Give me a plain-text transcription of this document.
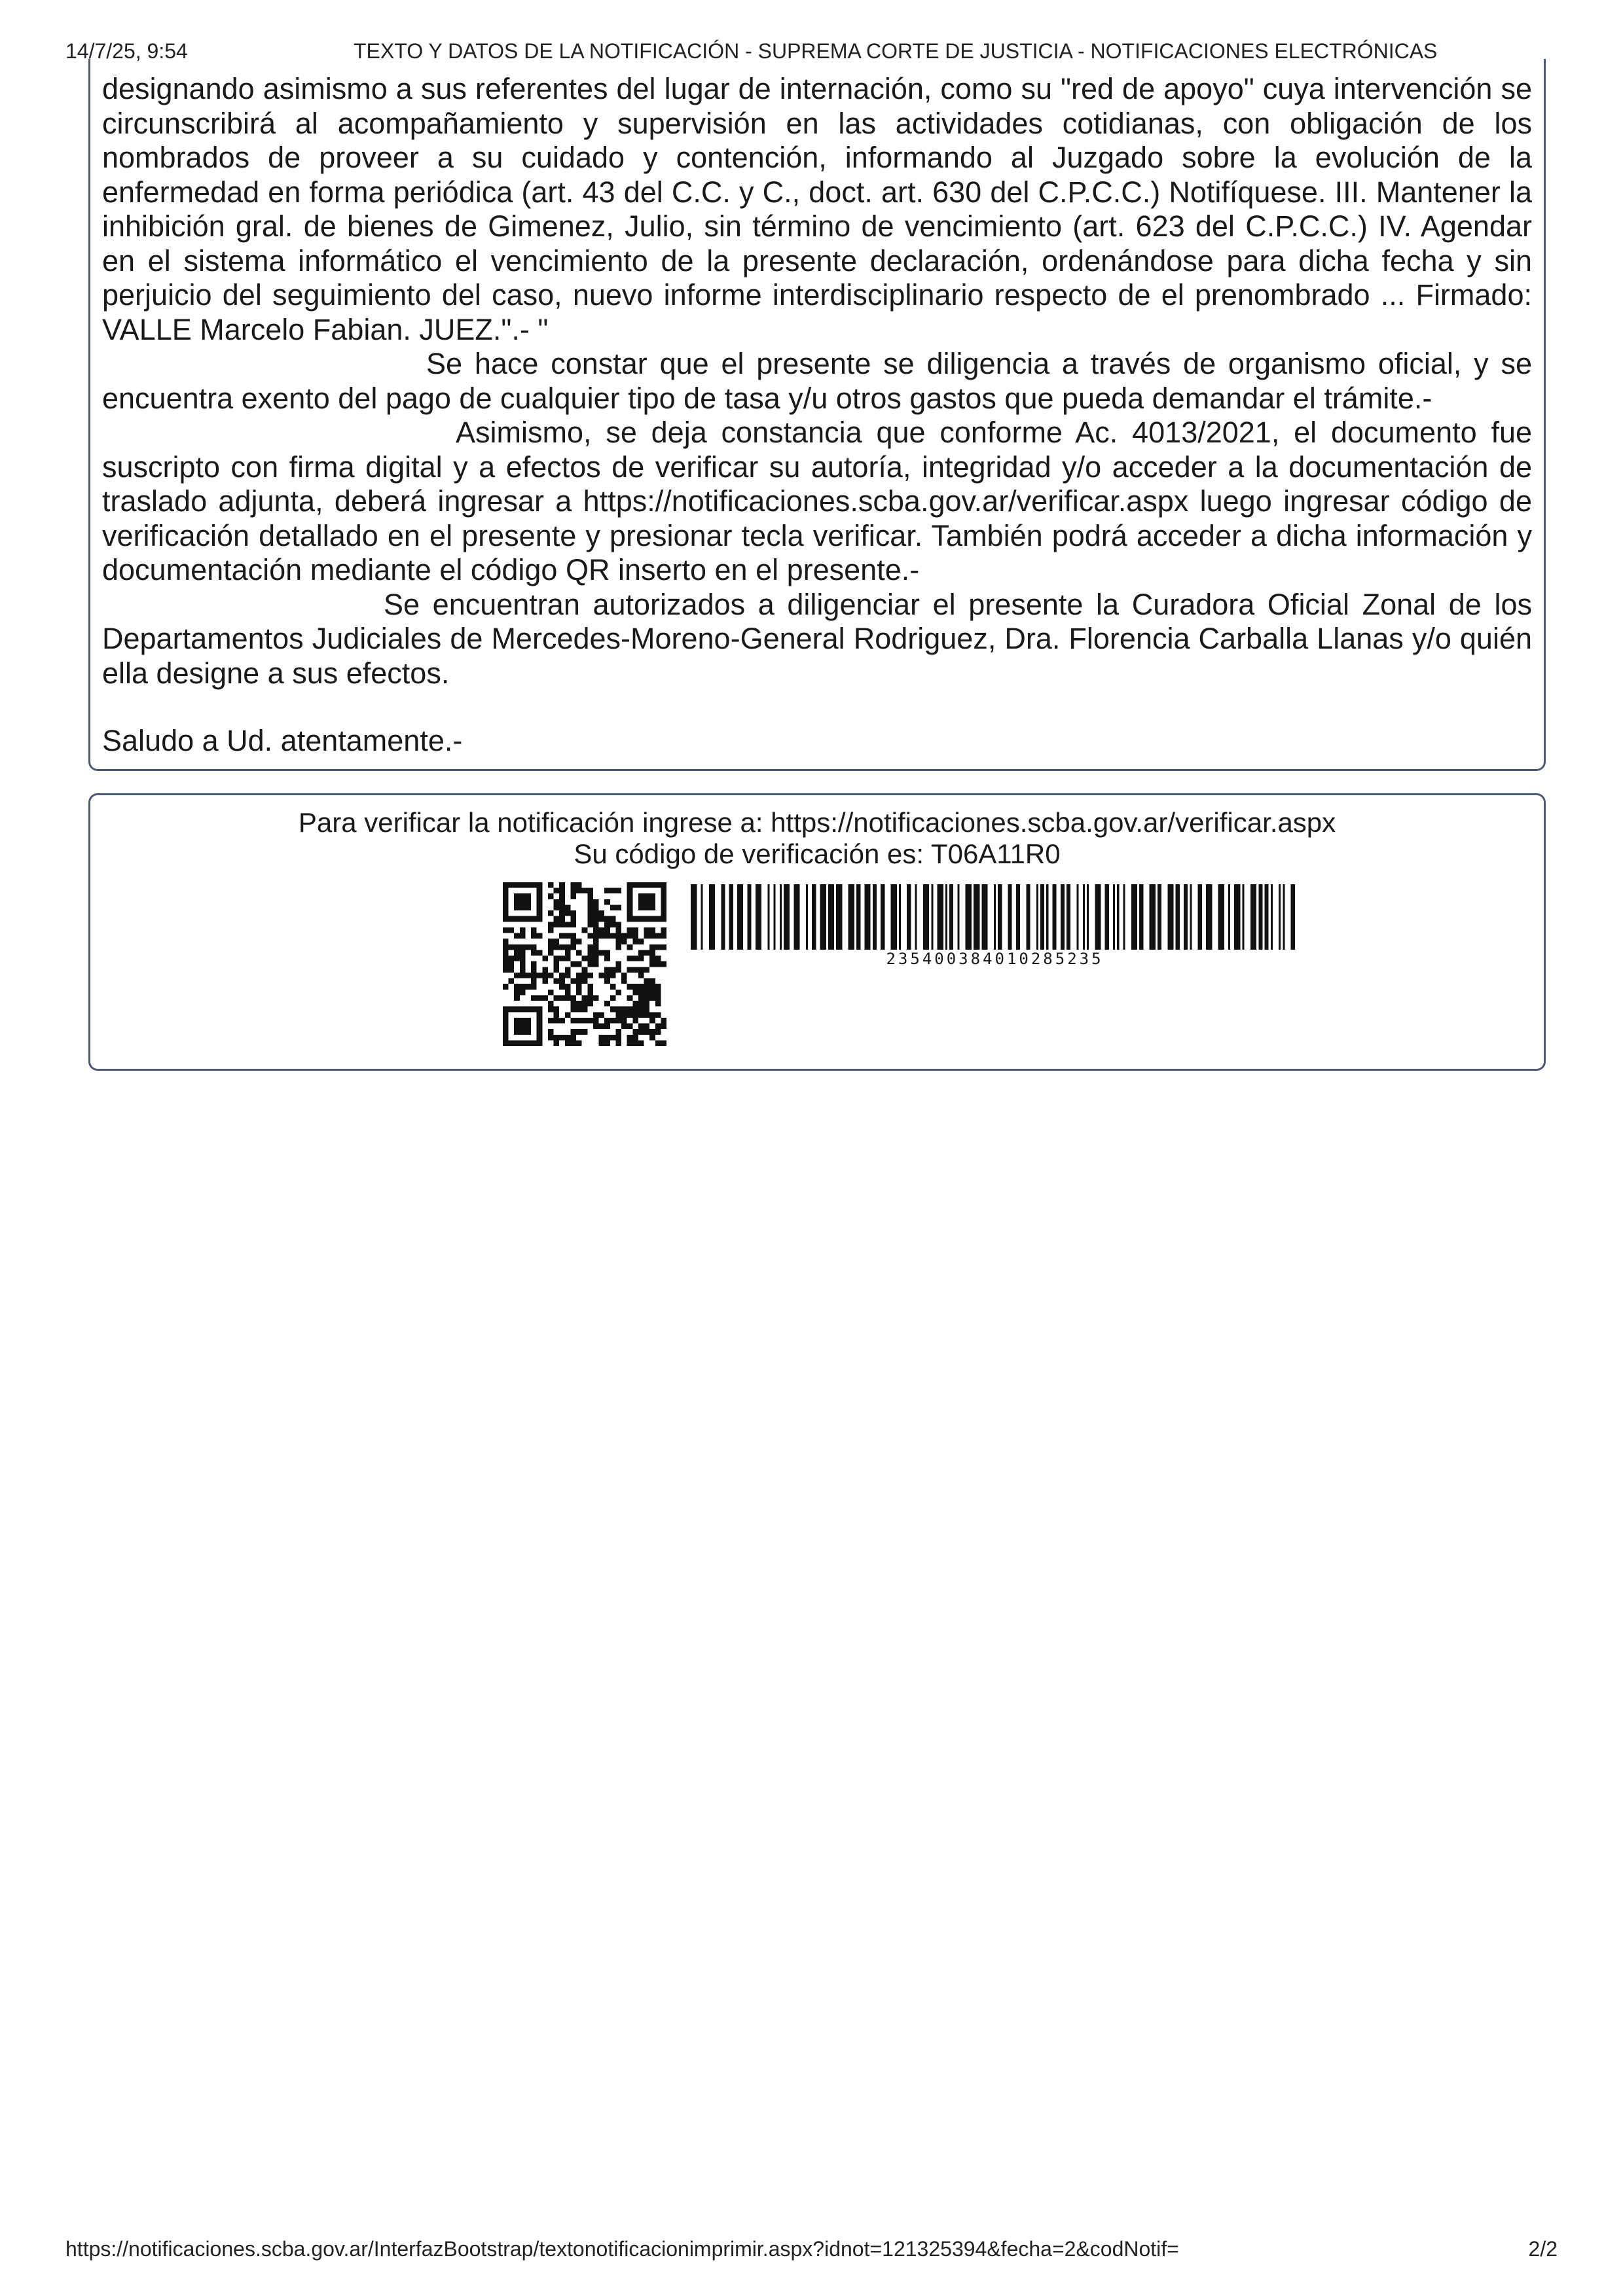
14/7/25, 9:54	TEXTO Y DATOS DE LA NOTIFICACIÓN - SUPREMA CORTE DE JUSTICIA - NOTIFICACIONES ELECTRÓNICAS

designando asimismo a sus referentes del lugar de internación, como su "red de apoyo" cuya intervención se circunscribirá al acompañamiento y supervisión en las actividades cotidianas, con obligación de los nombrados de proveer a su cuidado y contención, informando al Juzgado sobre la evolución de la enfermedad en forma periódica (art. 43 del C.C. y C., doct. art. 630 del C.P.C.C.) Notifíquese. III. Mantener la inhibición gral. de bienes de Gimenez, Julio, sin término de vencimiento (art. 623 del C.P.C.C.) IV. Agendar en el sistema informático el vencimiento de la presente declaración, ordenándose para dicha fecha y sin perjuicio del seguimiento del caso, nuevo informe interdisciplinario respecto de el prenombrado ... Firmado: VALLE Marcelo Fabian. JUEZ.".- "

Se hace constar que el presente se diligencia a través de organismo oficial, y se encuentra exento del pago de cualquier tipo de tasa y/u otros gastos que pueda demandar el trámite.-

Asimismo, se deja constancia que conforme Ac. 4013/2021, el documento fue suscripto con firma digital y a efectos de verificar su autoría, integridad y/o acceder a la documentación de traslado adjunta, deberá ingresar a https://notificaciones.scba.gov.ar/verificar.aspx luego ingresar código de verificación detallado en el presente y presionar tecla verificar. También podrá acceder a dicha información y documentación mediante el código QR inserto en el presente.-

Se encuentran autorizados a diligenciar el presente la Curadora Oficial Zonal de los Departamentos Judiciales de Mercedes-Moreno-General Rodriguez, Dra. Florencia Carballa Llanas y/o quién ella designe a sus efectos.

Saludo a Ud. atentamente.-

Para verificar la notificación ingrese a: https://notificaciones.scba.gov.ar/verificar.aspx
Su código de verificación es: T06A11R0
235400384010285235
https://notificaciones.scba.gov.ar/InterfazBootstrap/textonotificacionimprimir.aspx?idnot=121325394&fecha=2&codNotif=	2/2
